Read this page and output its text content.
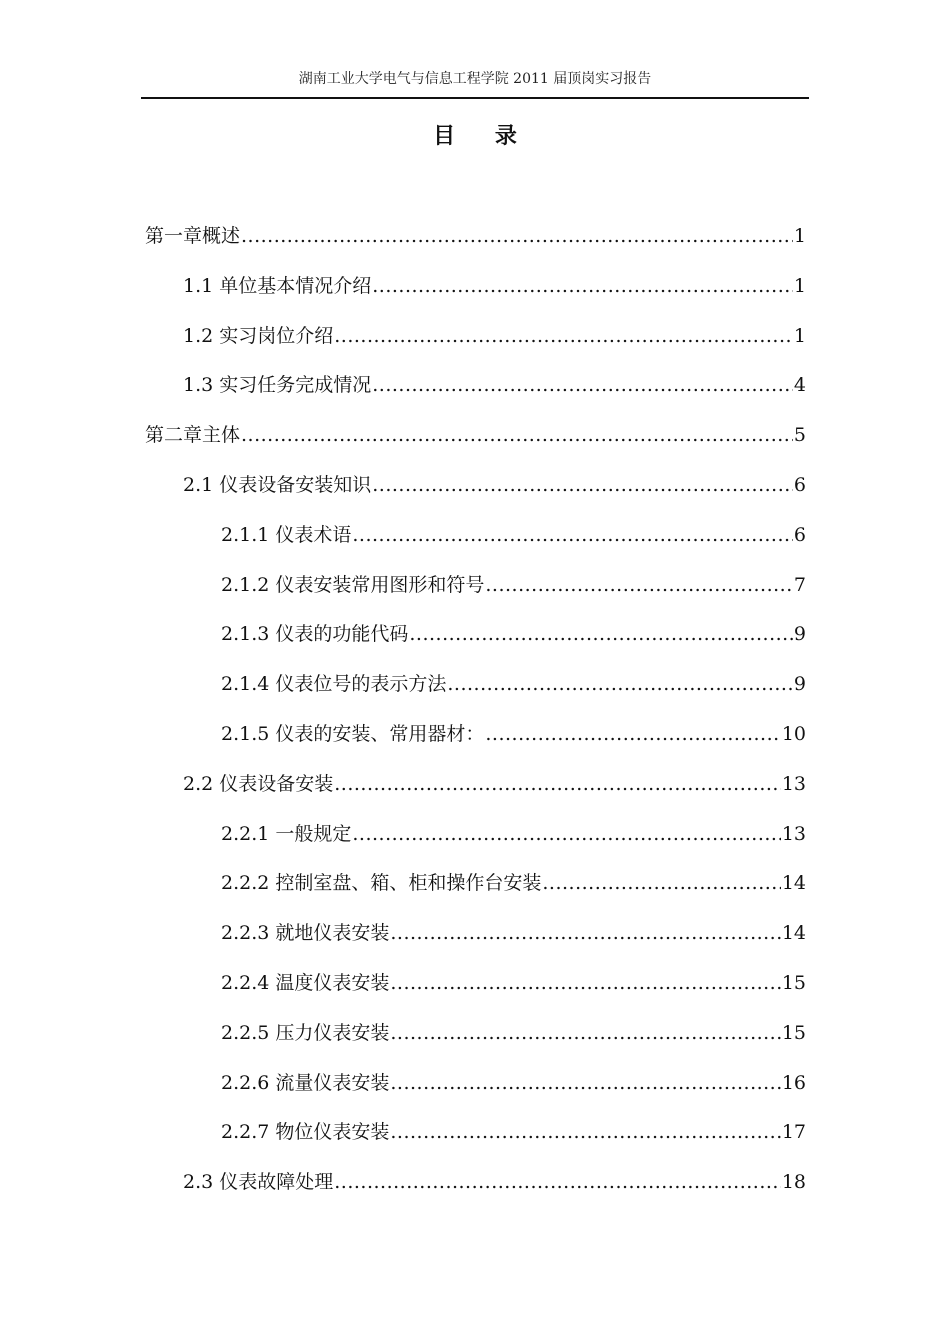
湖南工业大学电气与信息工程学院 2011 届顶岗实习报告
目 录
第一章概述 .....	1
1.1 单位基本情况介绍 .....	1
1.2 实习岗位介绍 .....	1
1.3 实习任务完成情况 .....	4
第二章主体 .....	5
2.1 仪表设备安装知识 .....	6
2.1.1 仪表术语 .....	6
2.1.2 仪表安装常用图形和符号 .....	7
2.1.3 仪表的功能代码 .....	9
2.1.4 仪表位号的表示方法 .....	9
2.1.5 仪表的安装、常用器材： .....	10
2.2 仪表设备安装 .....	13
2.2.1 一般规定 .....	13
2.2.2 控制室盘、箱、柜和操作台安装 .....	14
2.2.3 就地仪表安装 .....	14
2.2.4 温度仪表安装 .....	15
2.2.5 压力仪表安装 .....	15
2.2.6 流量仪表安装 .....	16
2.2.7 物位仪表安装 .....	17
2.3 仪表故障处理 .....	18
